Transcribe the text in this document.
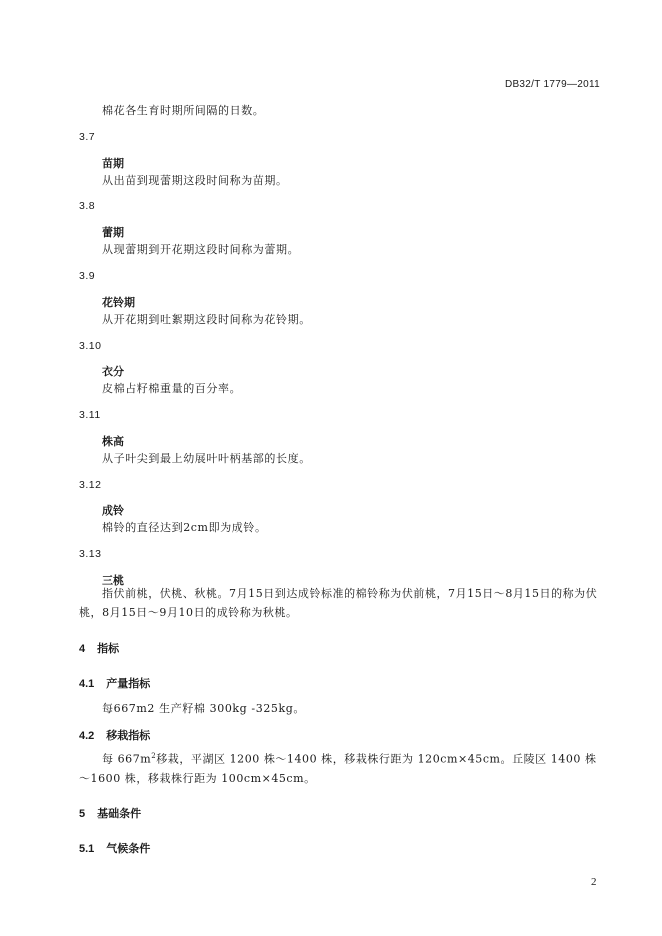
DB32/T 1779—2011
棉花各生育时期所间隔的日数。
3.7
苗期
从出苗到现蕾期这段时间称为苗期。
3.8
蕾期
从现蕾期到开花期这段时间称为蕾期。
3.9
花铃期
从开花期到吐絮期这段时间称为花铃期。
3.10
衣分
皮棉占籽棉重量的百分率。
3.11
株高
从子叶尖到最上幼展叶叶柄基部的长度。
3.12
成铃
棉铃的直径达到2cm即为成铃。
3.13
三桃
指伏前桃，伏桃、秋桃。7月15日到达成铃标准的棉铃称为伏前桃，7月15日～8月15日的称为伏桃，8月15日～9月10日的成铃称为秋桃。
4 指标
4.1 产量指标
每667m2 生产籽棉 300kg -325kg。
4.2 移栽指标
每 $667m^2$移栽，平湖区 1200 株～1400 株，移栽株行距为 120cm×45cm。丘陵区 1400 株～1600 株，移栽株行距为 100cm×45cm。
5 基础条件
5.1 气候条件
2
